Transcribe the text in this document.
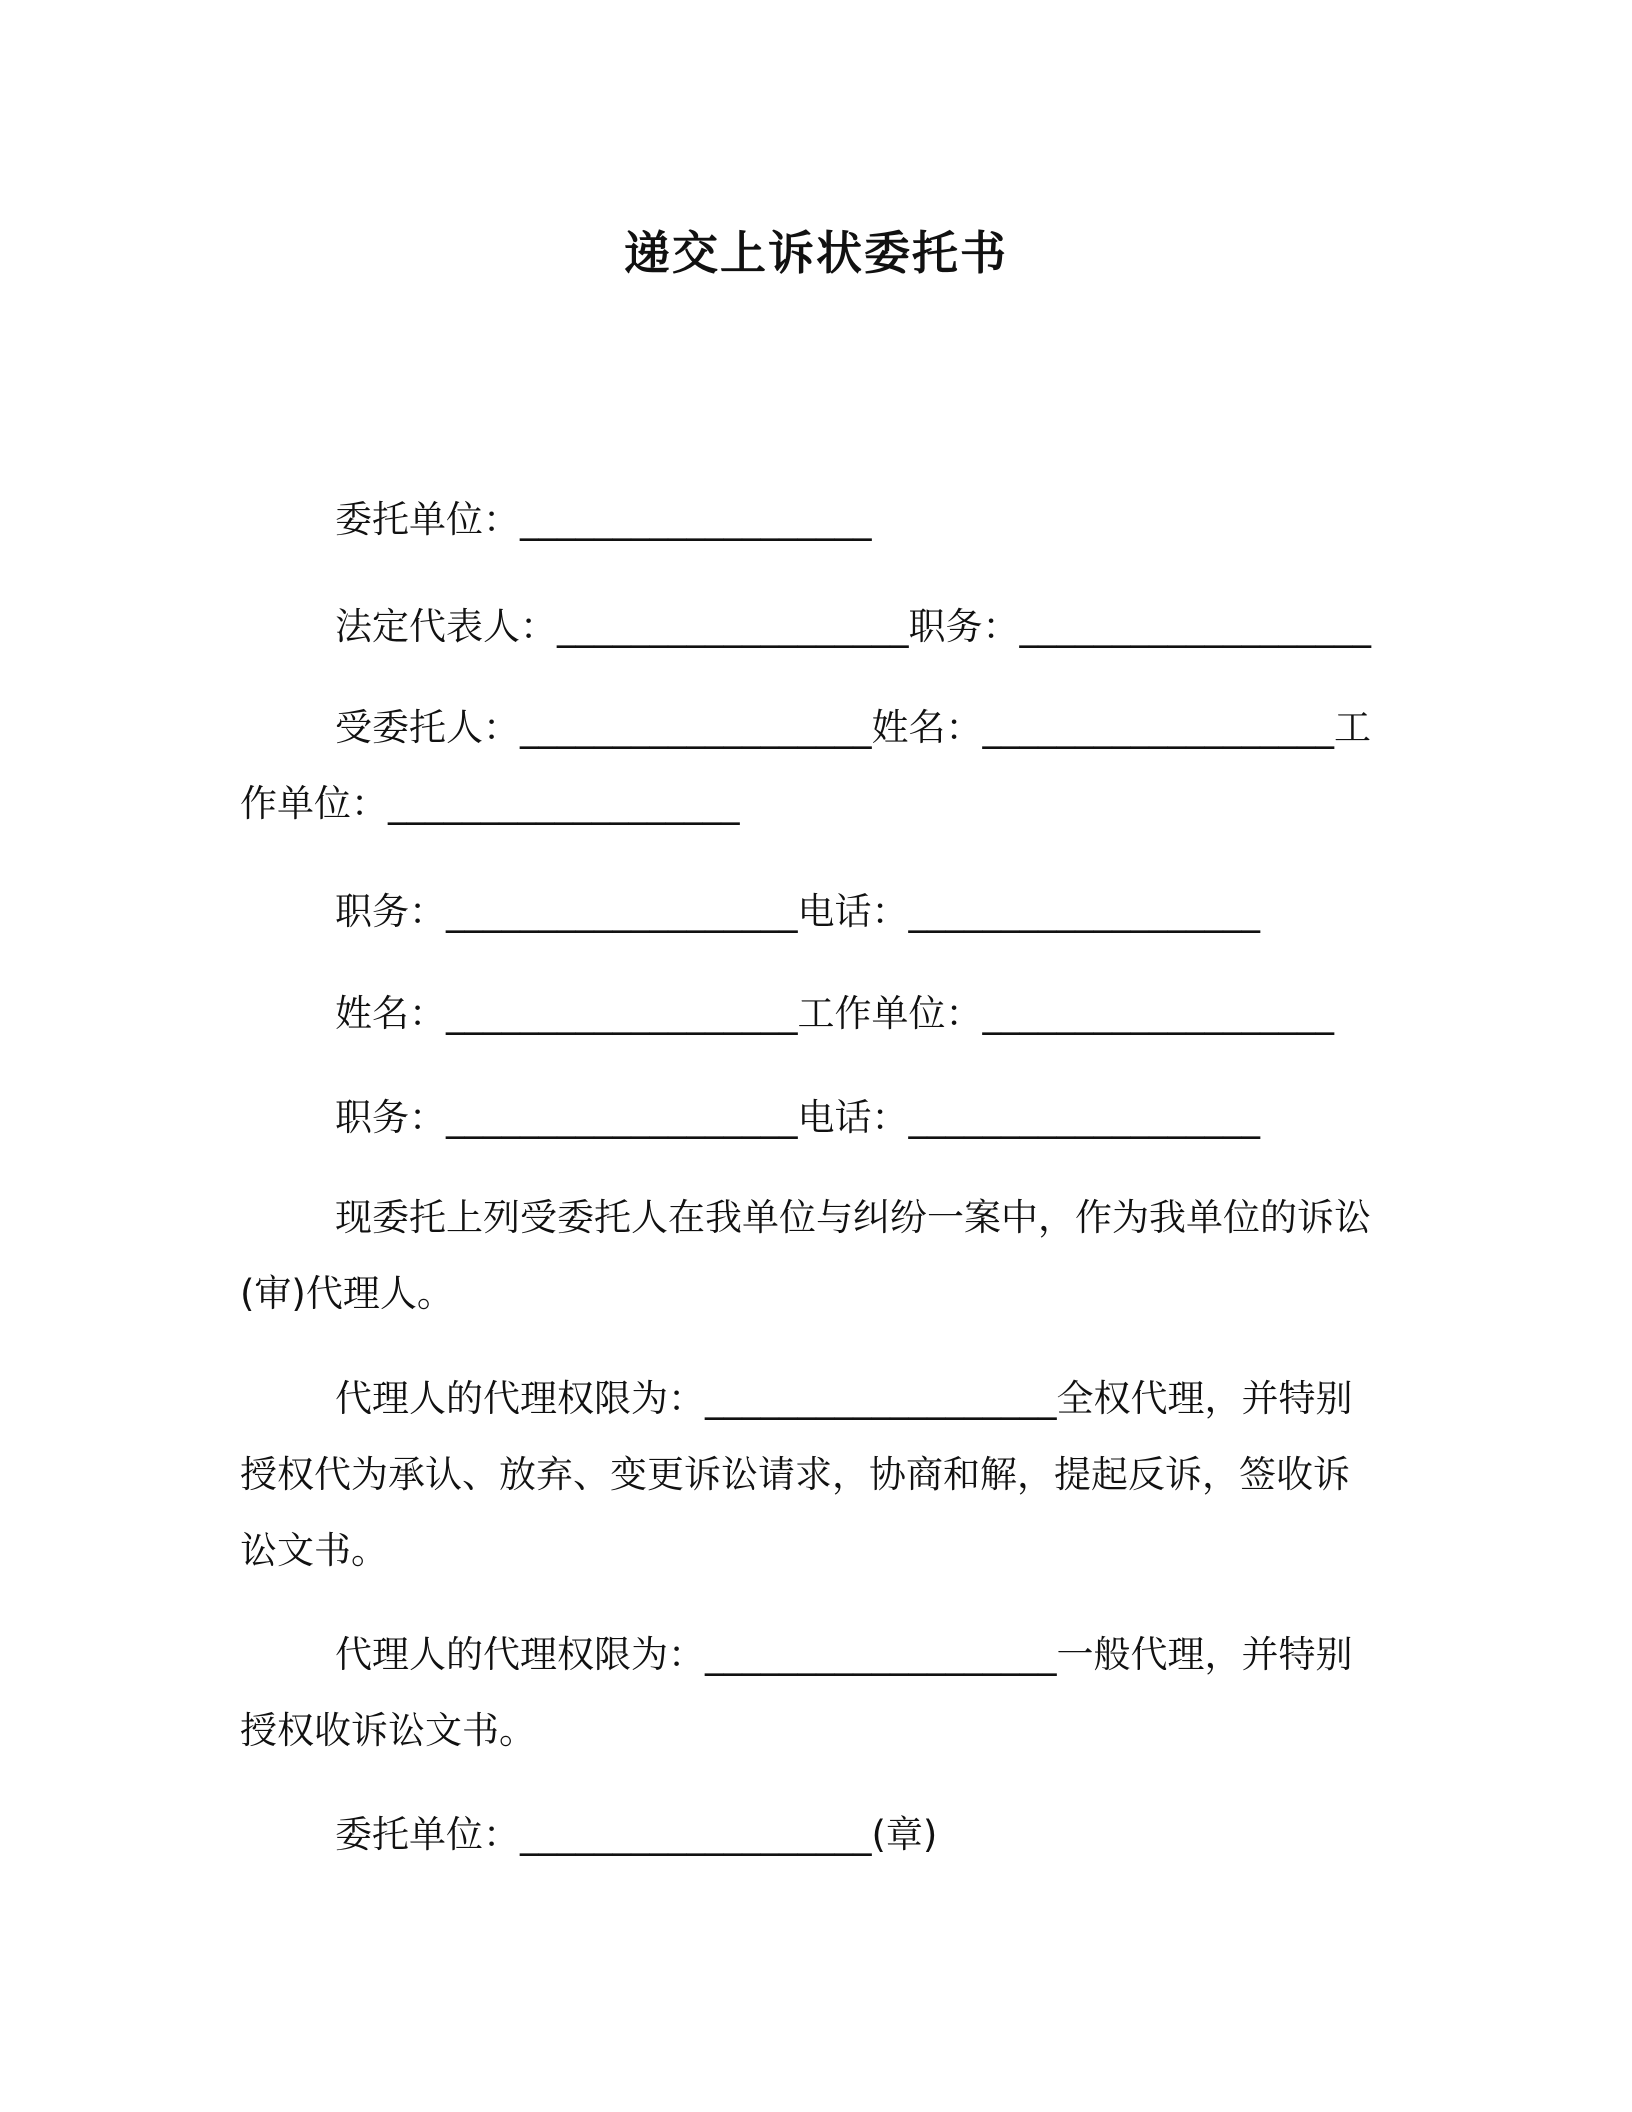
递交上诉状委托书
委托单位：___________________
法定代表人：___________________职务：___________________
受委托人：___________________姓名：___________________工
作单位：___________________
职务：___________________电话：___________________
姓名：___________________工作单位：___________________
职务：___________________电话：___________________
现委托上列受委托人在我单位与纠纷一案中，作为我单位的诉讼
(审)代理人。
代理人的代理权限为：___________________全权代理，并特别
授权代为承认、放弃、变更诉讼请求，协商和解，提起反诉，签收诉
讼文书。
代理人的代理权限为：___________________一般代理，并特别
授权收诉讼文书。
委托单位：___________________(章)
